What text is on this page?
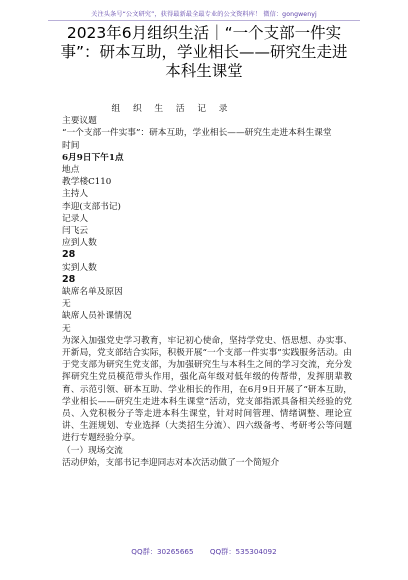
关注头条号“公文研究”，获得最新最全最专业的公文资料库！ 微信：gongwenyj
2023年6月组织生活｜“一个支部一件实事”：研本互助，学业相长——研究生走进本科生课堂

组 织 生 活 记 录

主要议题

“一个支部一件实事”：研本互助，学业相长——研究生走进本科生课堂

时间

6月9日下午1点

地点

教学楼C110

主持人

李迎(支部书记)

记录人

闫飞云

应到人数

28

实到人数

28

缺席名单及原因

无

缺席人员补课情况

无

为深入加强党史学习教育，牢记初心使命，坚持学党史、悟思想、办实事、开新局，党支部结合实际，积极开展“一个支部一件实事”实践服务活动。由于党支部为研究生党支部，为加强研究生与本科生之间的学习交流，充分发挥研究生党员模范带头作用，强化高年级对低年级的传帮带，发挥朋辈教育、示范引领、研本互助、学业相长的作用，在6月9日开展了“研本互助，学业相长——研究生走进本科生课堂”活动，党支部指派具备相关经验的党员、入党积极分子等走进本科生课堂，针对时间管理、情绪调整、理论宣讲、生涯规划、专业选择（大类招生分流）、四六级备考、考研考公等问题进行专题经验分享。

（一）现场交流

活动伊始，支部书记李迎同志对本次活动做了一个简短介

QQ群：30265665 QQ群：535304092
